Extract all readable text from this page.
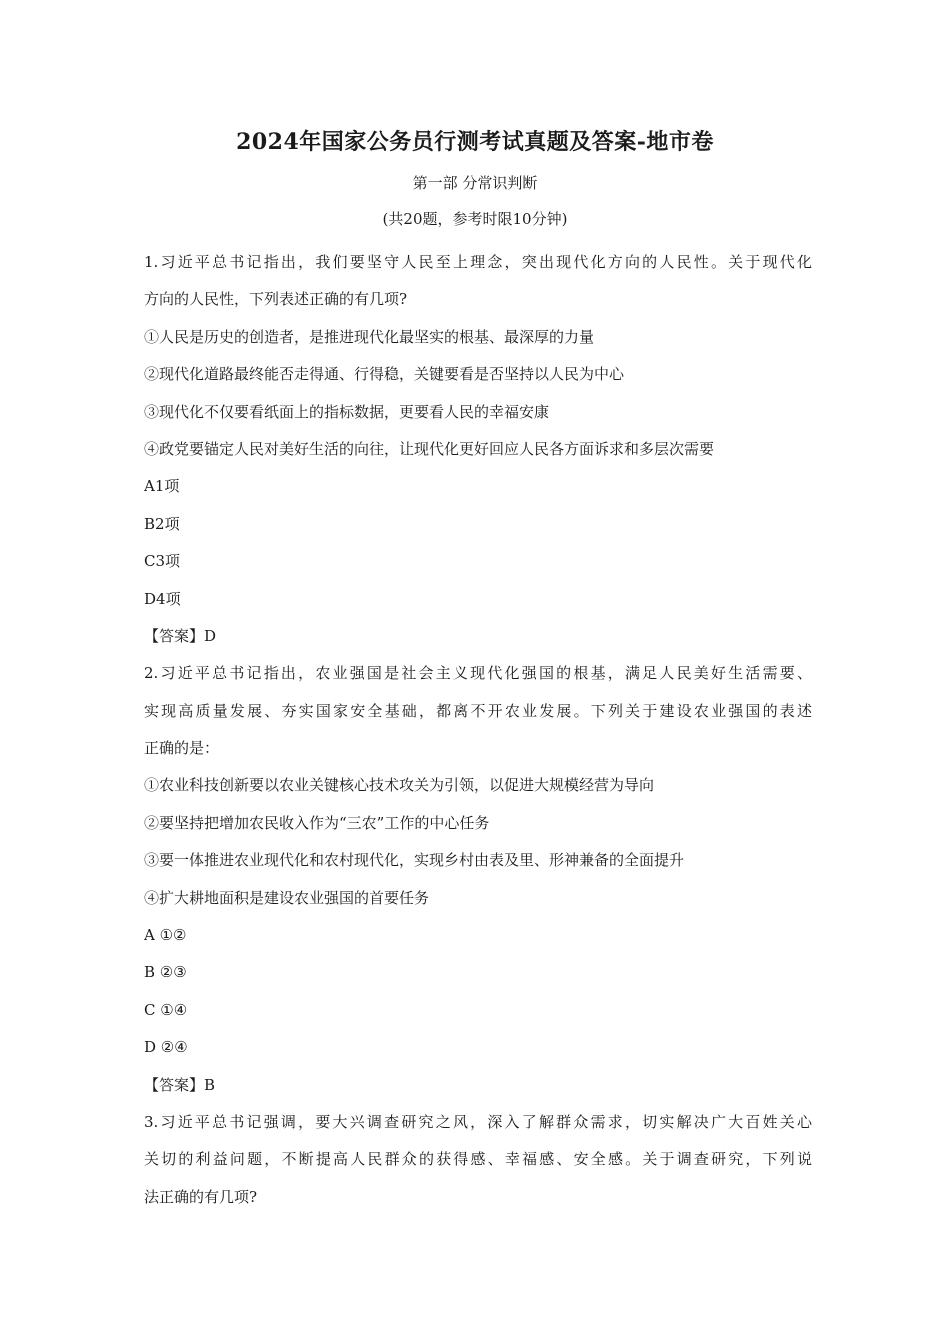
2024年国家公务员行测考试真题及答案-地市卷
第一部 分常识判断
(共20题，参考时限10分钟)
1.习近平总书记指出，我们要坚守人民至上理念，突出现代化方向的人民性。关于现代化
方向的人民性，下列表述正确的有几项?
①人民是历史的创造者，是推进现代化最坚实的根基、最深厚的力量
②现代化道路最终能否走得通、行得稳，关键要看是否坚持以人民为中心
③现代化不仅要看纸面上的指标数据，更要看人民的幸福安康
④政党要锚定人民对美好生活的向往，让现代化更好回应人民各方面诉求和多层次需要
A1项
B2项
C3项
D4项
【答案】D
2.习近平总书记指出，农业强国是社会主义现代化强国的根基，满足人民美好生活需要、
实现高质量发展、夯实国家安全基础，都离不开农业发展。下列关于建设农业强国的表述
正确的是：
①农业科技创新要以农业关键核心技术攻关为引领，以促进大规模经营为导向
②要坚持把增加农民收入作为“三农”工作的中心任务
③要一体推进农业现代化和农村现代化，实现乡村由表及里、形神兼备的全面提升
④扩大耕地面积是建设农业强国的首要任务
A ①②
B ②③
C ①④
D ②④
【答案】B
3.习近平总书记强调，要大兴调查研究之风，深入了解群众需求，切实解决广大百姓关心
关切的利益问题，不断提高人民群众的获得感、幸福感、安全感。关于调查研究，下列说
法正确的有几项?
